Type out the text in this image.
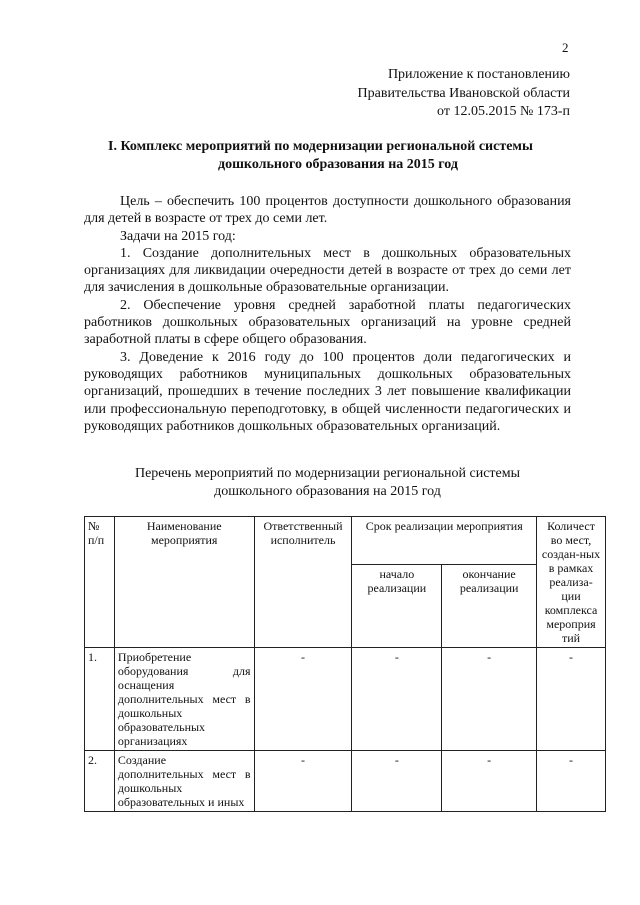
2
Приложение к постановлению
Правительства Ивановской области
от 12.05.2015 № 173-п
I. Комплекс мероприятий по модернизации региональной системы
дошкольного образования на 2015 год

Цель – обеспечить 100 процентов доступности дошкольного образования для детей в возрасте от трех до семи лет.

Задачи на 2015 год:

1. Создание дополнительных мест в дошкольных образовательных организациях для ликвидации очередности детей в возрасте от трех до семи лет для зачисления в дошкольные образовательные организации.

2. Обеспечение уровня средней заработной платы педагогических работников дошкольных образовательных организаций на уровне средней заработной платы в сфере общего образования.

3. Доведение к 2016 году до 100 процентов доли педагогических и руководящих работников муниципальных дошкольных образовательных организаций, прошедших в течение последних 3 лет повышение квалификации или профессиональную переподготовку, в общей численности педагогических и руководящих работников дошкольных образовательных организаций.

Перечень мероприятий по модернизации региональной системы
дошкольного образования на 2015 год
№ п/п	Наименование мероприятия	Ответственный исполнитель	Срок реализации мероприятия		Количест во мест, создан-ных в рамках реализа-ции комплекса мероприя тий
			начало реализации	окончание реализации	
1.	Приобретение оборудования для оснащения дополнительных мест в дошкольных образовательных организациях	-	-	-	-
2.	Создание дополнительных мест в дошкольных образовательных и иных	-	-	-	-
